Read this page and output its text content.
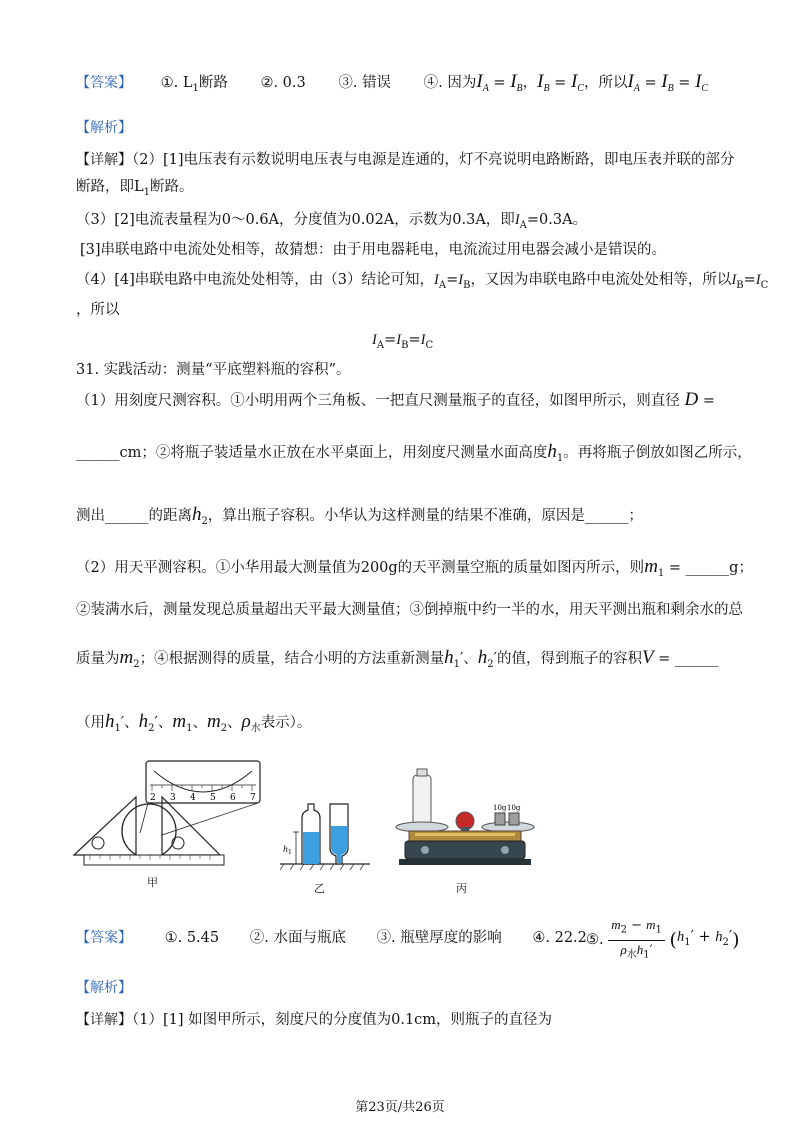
【答案】 ①. $L_1$断路 ②. 0.3 ③. 错误 ④. 因为$I_A = I_B$，$I_B = I_C$，所以$I_A = I_B = I_C$
【解析】
【详解】（2）[1]电压表有示数说明电压表与电源是连通的，灯不亮说明电路断路，即电压表并联的部分
断路，即$L_1$断路。
（3）[2]电流表量程为0～0.6A，分度值为0.02A，示数为0.3A，即$I_A=0.3A$。
[3]串联电路中电流处处相等，故猜想：由于用电器耗电，电流流过用电器会减小是错误的。
（4）[4]串联电路中电流处处相等，由（3）结论可知，$I_A=I_B$，又因为串联电路中电流处处相等，所以$I_B=I_C$
，所以
$I_A=I_B=I_C$
31. 实践活动：测量“平底塑料瓶的容积”。
（1）用刻度尺测容积。①小明用两个三角板、一把直尺测量瓶子的直径，如图甲所示，则直径 D =
______cm；②将瓶子装适量水正放在水平桌面上，用刻度尺测量水面高度$h_1$。再将瓶子倒放如图乙所示，
测出______的距离$h_2$，算出瓶子容积。小华认为这样测量的结果不准确，原因是______；
（2）用天平测容积。①小华用最大测量值为200g的天平测量空瓶的质量如图丙所示，则$m_1$ = ______g；
②装满水后，测量发现总质量超出天平最大测量值；③倒掉瓶中约一半的水，用天平测出瓶和剩余水的总
质量为$m_2$；④根据测得的质量，结合小明的方法重新测量$h_1'$、$h_2'$的值，得到瓶子的容积V = ______
（用$h_1'$、$h_2'$、$m_1$、$m_2$、$\rho_水$表示）。
2 3 4 5 6 7
甲
h 1
乙
10g 10g
丙
【答案】 ①. 5.45 ②. 水面与瓶底 ③. 瓶壁厚度的影响 ④. 22.2 ⑤. $\frac{m_2 - m_1}{\rho_水h_1'} (h_1' + h_2')$
【解析】
【详解】（1）[1] 如图甲所示，刻度尺的分度值为0.1cm，则瓶子的直径为
第23页/共26页
